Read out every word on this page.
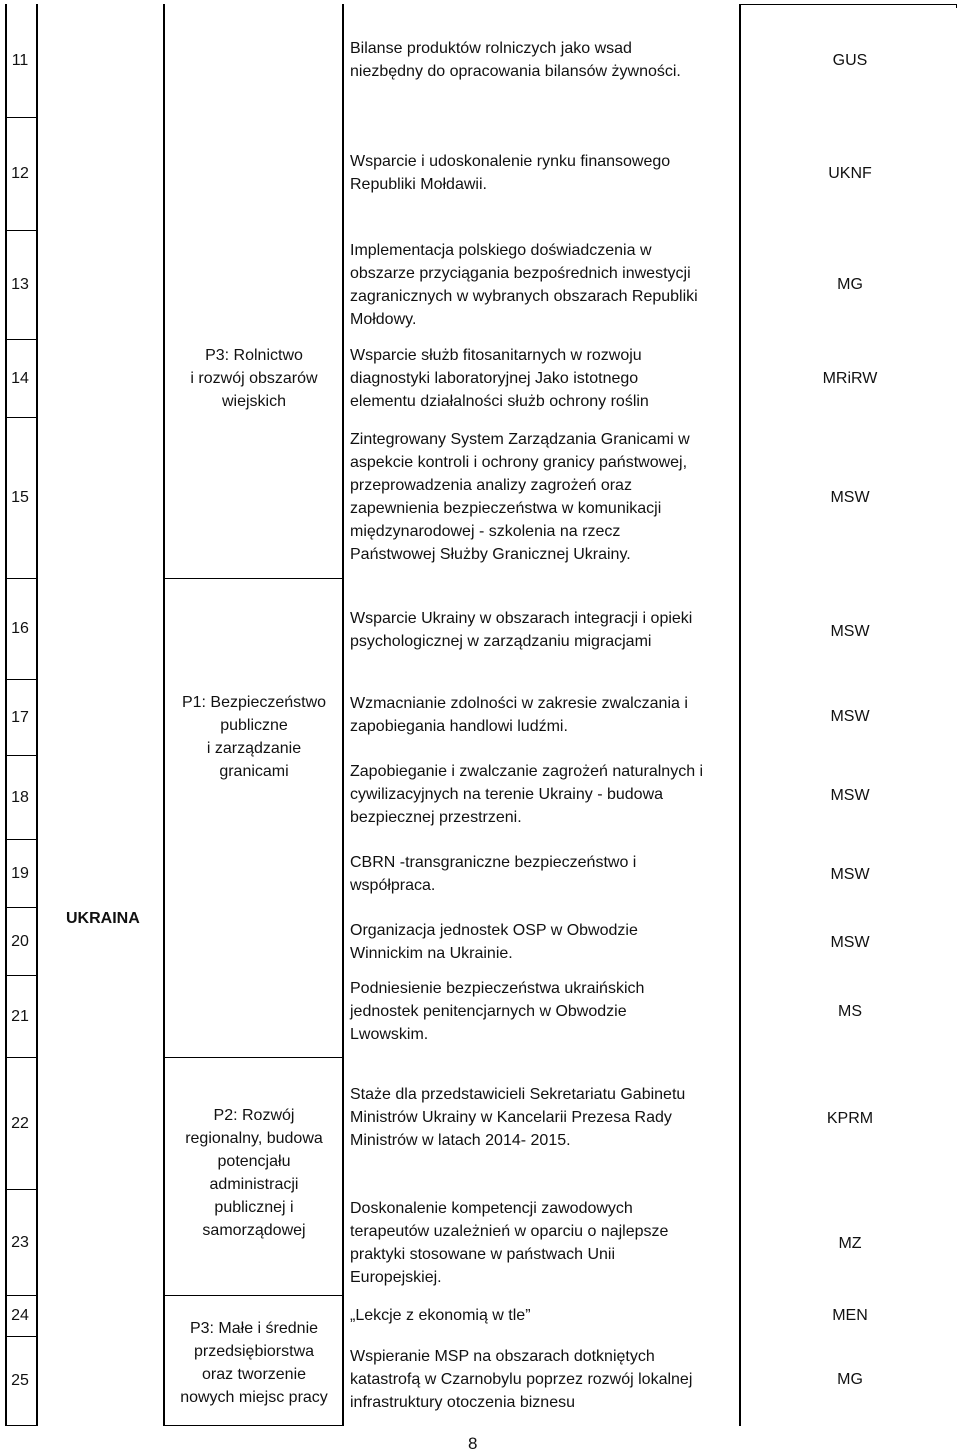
UKRAINA
P3: Rolnictwo
i rozwój obszarów
wiejskich
P1: Bezpieczeństwo
publiczne
i zarządzanie
granicami
P2: Rozwój
regionalny, budowa
potencjału
administracji
publicznej i
samorządowej
P3: Małe i średnie
przedsiębiorstwa
oraz tworzenie
nowych miejsc pracy
11
Bilanse produktów rolniczych jako wsad
niezbędny do opracowania bilansów żywności.
GUS
12
Wsparcie i udoskonalenie rynku finansowego
Republiki Mołdawii.
UKNF
13
Implementacja polskiego doświadczenia w
obszarze przyciągania bezpośrednich inwestycji
zagranicznych w wybranych obszarach Republiki
Mołdowy.
MG
14
Wsparcie służb fitosanitarnych w rozwoju
diagnostyki laboratoryjnej Jako istotnego
elementu działalności służb ochrony roślin
MRiRW
15
Zintegrowany System Zarządzania Granicami w
aspekcie kontroli i ochrony granicy państwowej,
przeprowadzenia analizy zagrożeń oraz
zapewnienia bezpieczeństwa w komunikacji
międzynarodowej - szkolenia na rzecz
Państwowej Służby Granicznej Ukrainy.
MSW
16
Wsparcie Ukrainy w obszarach integracji i opieki
psychologicznej w zarządzaniu migracjami
MSW
17
Wzmacnianie zdolności w zakresie zwalczania i
zapobiegania handlowi ludźmi.
MSW
18
Zapobieganie i zwalczanie zagrożeń naturalnych i
cywilizacyjnych na terenie Ukrainy - budowa
bezpiecznej przestrzeni.
MSW
19
CBRN -transgraniczne bezpieczeństwo i
współpraca.
MSW
20
Organizacja jednostek OSP w Obwodzie
Winnickim na Ukrainie.
MSW
21
Podniesienie bezpieczeństwa ukraińskich
jednostek penitencjarnych w Obwodzie
Lwowskim.
MS
22
Staże dla przedstawicieli Sekretariatu Gabinetu
Ministrów Ukrainy w Kancelarii Prezesa Rady
Ministrów w latach 2014- 2015.
KPRM
23
Doskonalenie kompetencji zawodowych
terapeutów uzależnień w oparciu o najlepsze
praktyki stosowane w państwach Unii
Europejskiej.
MZ
24	„Lekcje z ekonomią w tle”	MEN
25
Wspieranie MSP na obszarach dotkniętych
katastrofą w Czarnobylu poprzez rozwój lokalnej
infrastruktury otoczenia biznesu
MG
8
